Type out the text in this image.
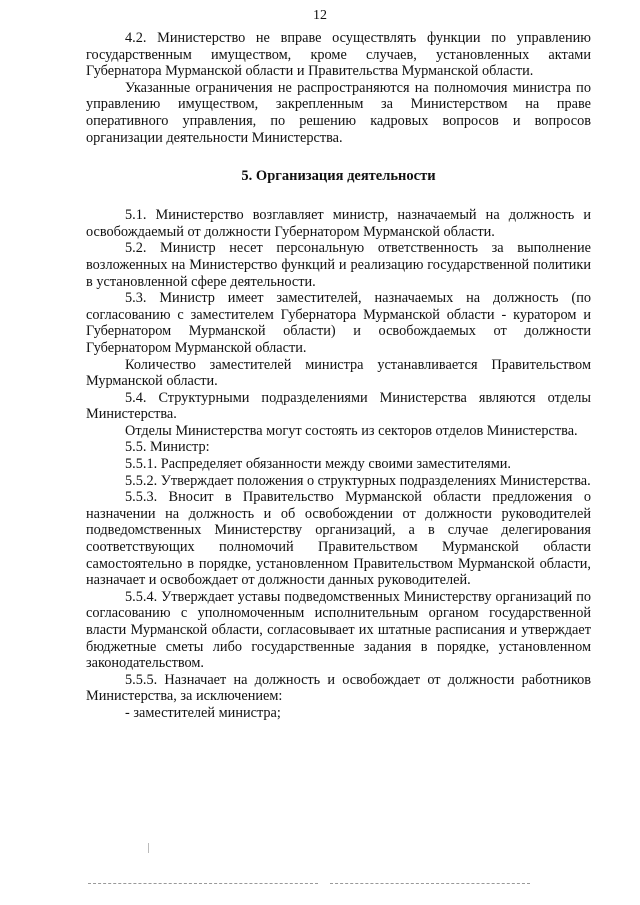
12

4.2. Министерство не вправе осуществлять функции по управлению государственным имуществом, кроме случаев, установленных актами Губернатора Мурманской области и Правительства Мурманской области.

Указанные ограничения не распространяются на полномочия министра по управлению имуществом, закрепленным за Министерством на праве оперативного управления, по решению кадровых вопросов и вопросов организации деятельности Министерства.

5. Организация деятельности

5.1. Министерство возглавляет министр, назначаемый на должность и освобождаемый от должности Губернатором Мурманской области.

5.2. Министр несет персональную ответственность за выполнение возложенных на Министерство функций и реализацию государственной политики в установленной сфере деятельности.

5.3. Министр имеет заместителей, назначаемых на должность (по согласованию с заместителем Губернатора Мурманской области - куратором и Губернатором Мурманской области) и освобождаемых от должности Губернатором Мурманской области.

Количество заместителей министра устанавливается Правительством Мурманской области.

5.4. Структурными подразделениями Министерства являются отделы Министерства.

Отделы Министерства могут состоять из секторов отделов Министерства.

5.5. Министр:

5.5.1. Распределяет обязанности между своими заместителями.

5.5.2. Утверждает положения о структурных подразделениях Министерства.

5.5.3. Вносит в Правительство Мурманской области предложения о назначении на должность и об освобождении от должности руководителей подведомственных Министерству организаций, а в случае делегирования соответствующих полномочий Правительством Мурманской области самостоятельно в порядке, установленном Правительством Мурманской области, назначает и освобождает от должности данных руководителей.

5.5.4. Утверждает уставы подведомственных Министерству организаций по согласованию с уполномоченным исполнительным органом государственной власти Мурманской области, согласовывает их штатные расписания и утверждает бюджетные сметы либо государственные задания в порядке, установленном законодательством.

5.5.5. Назначает на должность и освобождает от должности работников Министерства, за исключением:

- заместителей министра;
